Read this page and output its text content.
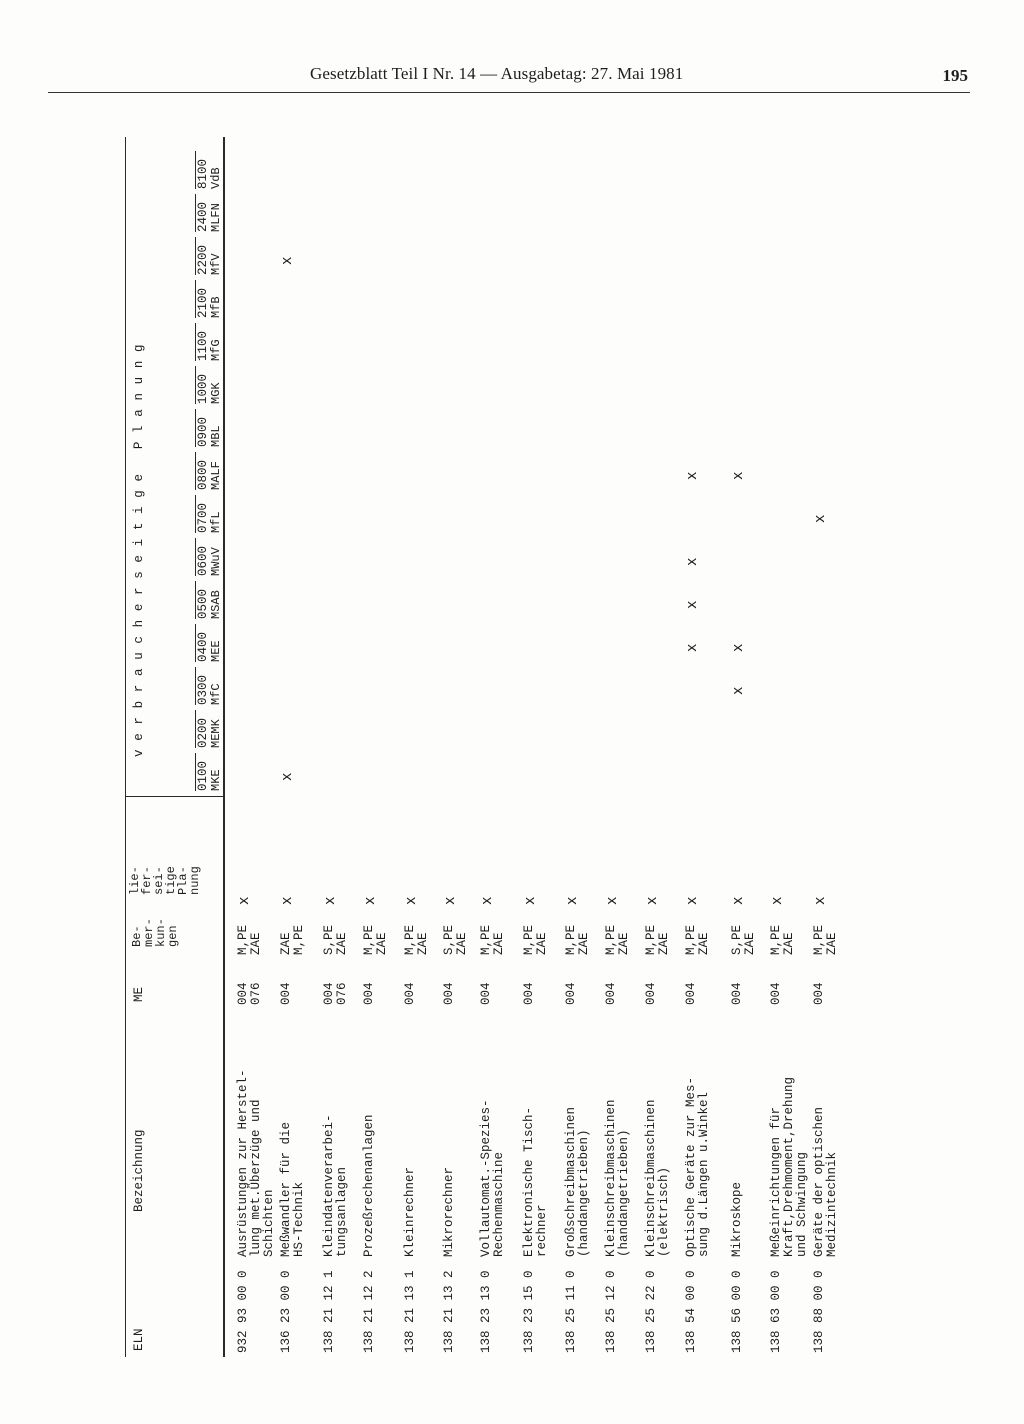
Gesetzblatt Teil I Nr. 14 — Ausgabetag: 27. Mai 1981	195
ELN
Bezeichnung
ME
Be-
mer-
kun-
gen
lie-
fer-
sei-
tige
Pla-
nung
v e r b r a u c h e r s e i t i g e   P l a n u n g
0100 MKE
0200 MEMK
0300 MfC
0400 MEE
0500 MSAB
0600 MWuV
0700 MfL
0800 MALF
0900 MBL
1000 MGK
1100 MfG
2100 MfB
2200 MfV
2400 MLFN
8100 VdB
932 93 00 0
Ausrüstungen zur Herstel-
lung met.Überzüge und
Schichten
004
076
M,PE
ZAE
x
136 23 00 0
Meßwandler für die
HS-Technik
004
ZAE
M,PE
x
x
x
138 21 12 1
Kleindatenverarbei-
tungsanlagen
004
076
S,PE
ZAE
x
138 21 12 2
Prozeßrechenanlagen
004
M,PE
ZAE
x
138 21 13 1
Kleinrechner
004
M,PE
ZAE
x
138 21 13 2
Mikrorechner
004
S,PE
ZAE
x
138 23 13 0
Vollautomat.-Spezies-
Rechenmaschine
004
M,PE
ZAE
x
138 23 15 0
Elektronische Tisch-
rechner
004
M,PE
ZAE
x
138 25 11 0
Großschreibmaschinen
(handangetrieben)
004
M,PE
ZAE
x
138 25 12 0
Kleinschreibmaschinen
(handangetrieben)
004
M,PE
ZAE
x
138 25 22 0
Kleinschreibmaschinen
(elektrisch)
004
M,PE
ZAE
x
138 54 00 0
Optische Geräte zur Mes-
sung d.Längen u.Winkel
004
M,PE
ZAE
x
x
x
x
x
138 56 00 0
Mikroskope
004
S,PE
ZAE
x
x
x
x
138 63 00 0
Meßeinrichtungen für
Kraft,Drehmoment,Drehung
und Schwingung
004
M,PE
ZAE
x
138 88 00 0
Geräte der optischen
Medizintechnik
004
M,PE
ZAE
x
x
